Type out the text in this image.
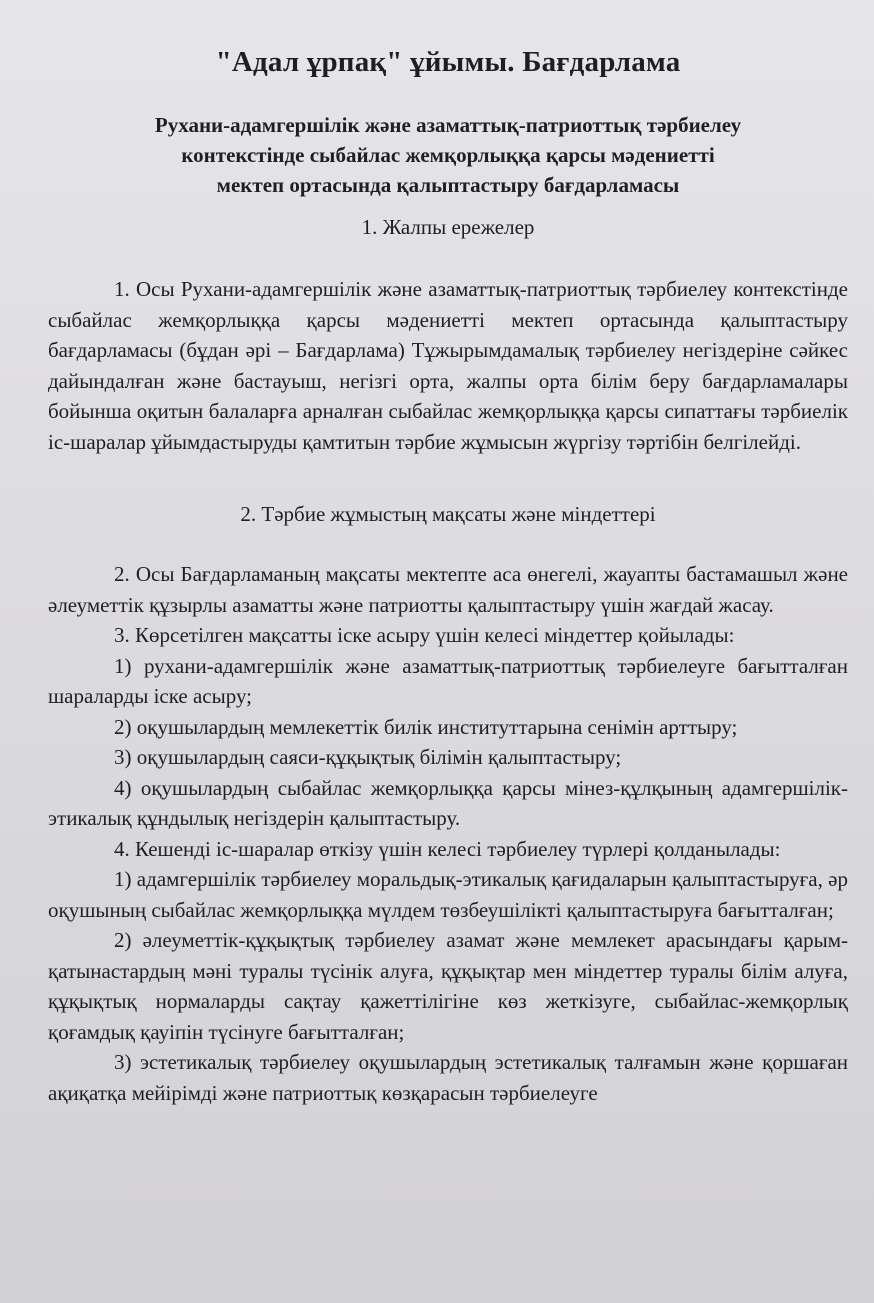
"Адал ұрпақ" ұйымы. Бағдарлама
Рухани-адамгершілік және азаматтық-патриоттық тәрбиелеу
контекстінде сыбайлас жемқорлыққа қарсы мәдениетті
мектеп ортасында қалыптастыру бағдарламасы
1. Жалпы ережелер

1. Осы Рухани-адамгершілік және азаматтық-патриоттық тәрбиелеу контекстінде сыбайлас жемқорлыққа қарсы мәдениетті мектеп ортасында қалыптастыру бағдарламасы (бұдан әрі – Бағдарлама) Тұжырымдамалық тәрбиелеу негіздеріне сәйкес дайындалған және бастауыш, негізгі орта, жалпы орта білім беру бағдарламалары бойынша оқитын балаларға арналған сыбайлас жемқорлыққа қарсы сипаттағы тәрбиелік іс-шаралар ұйымдастыруды қамтитын тәрбие жұмысын жүргізу тәртібін белгілейді.

2. Тәрбие жұмыстың мақсаты және міндеттері

2. Осы Бағдарламаның мақсаты мектепте аса өнегелі, жауапты бастамашыл және әлеуметтік құзырлы азаматты және патриотты қалыптастыру үшін жағдай жасау.

3. Көрсетілген мақсатты іске асыру үшін келесі міндеттер қойылады:

1) рухани-адамгершілік және азаматтық-патриоттық тәрбиелеуге бағытталған шараларды іске асыру;

2) оқушылардың мемлекеттік билік институттарына сенімін арттыру;

3) оқушылардың саяси-құқықтық білімін қалыптастыру;

4) оқушылардың сыбайлас жемқорлыққа қарсы мінез-құлқының адамгершілік-этикалық құндылық негіздерін қалыптастыру.

4. Кешенді іс-шаралар өткізу үшін келесі тәрбиелеу түрлері қолданылады:

1) адамгершілік тәрбиелеу моральдық-этикалық қағидаларын қалыптастыруға, әр оқушының сыбайлас жемқорлыққа мүлдем төзбеушілікті қалыптастыруға бағытталған;

2) әлеуметтік-құқықтық тәрбиелеу азамат және мемлекет арасындағы қарым-қатынастардың мәні туралы түсінік алуға, құқықтар мен міндеттер туралы білім алуға, құқықтық нормаларды сақтау қажеттілігіне көз жеткізуге, сыбайлас-жемқорлық қоғамдық қауіпін түсінуге бағытталған;

3) эстетикалық тәрбиелеу оқушылардың эстетикалық талғамын және қоршаған ақиқатқа мейірімді және патриоттық көзқарасын тәрбиелеуге
